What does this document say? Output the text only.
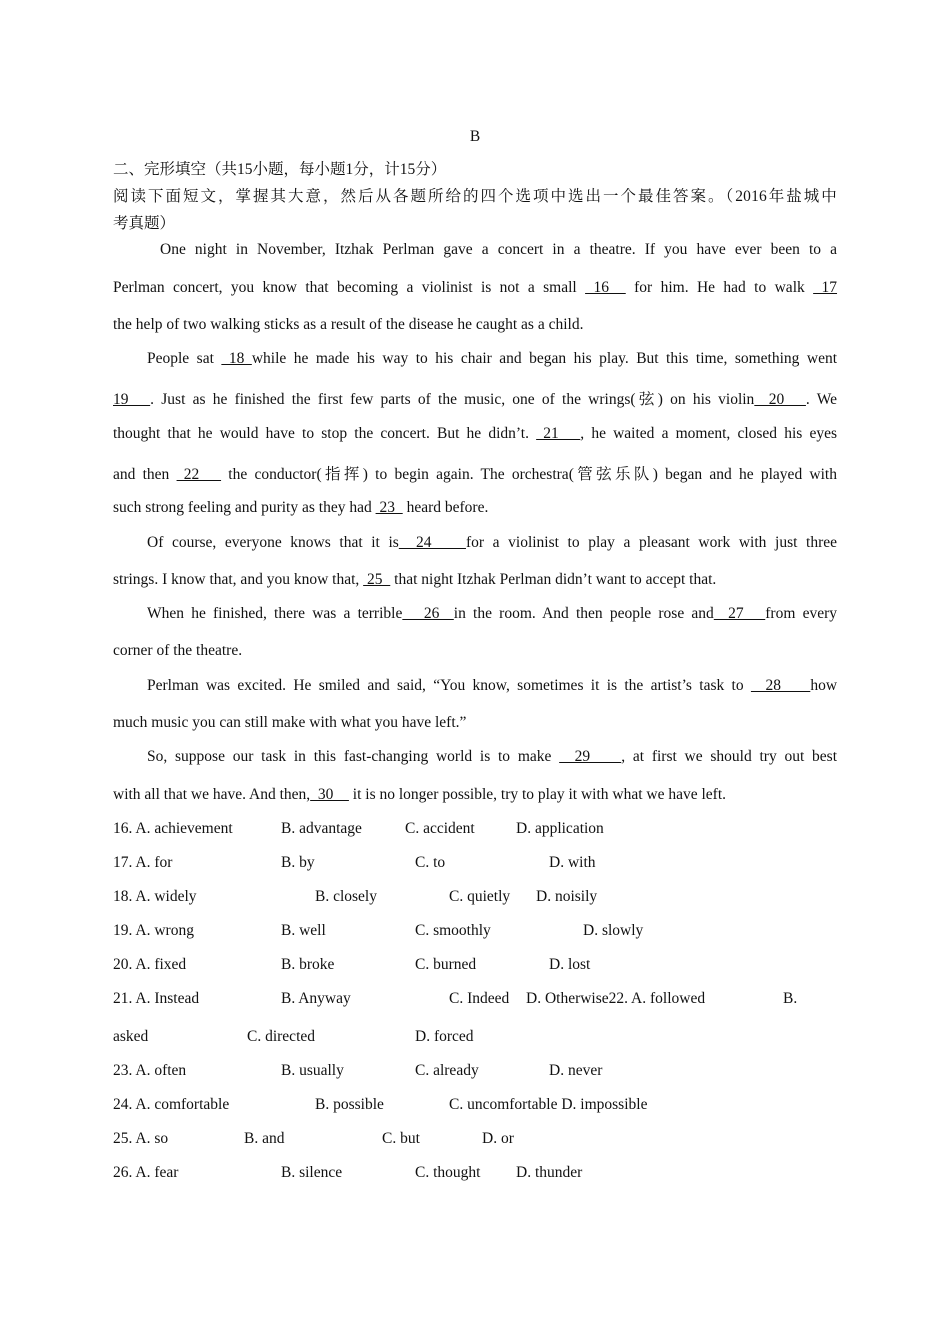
B
二、完形填空（共15小题，每小题1分，计15分）
阅读下面短文，掌握其大意，然后从各题所给的四个选项中选出一个最佳答案。（2016年盐城中
考真题）
One night in November, Itzhak Perlman gave a concert in a theatre. If you have ever been to a
Perlman concert, you know that becoming a violinist is not a small  16   for him. He had to walk  17
the help of two walking sticks as a result of the disease he caught as a child.
People sat  18 while he made his way to his chair and began his play. But this time, something went
19   . Just as he finished the first few parts of the music, one of the wrings(弦) on his violin  20   . We
thought that he would have to stop the concert. But he didn’t.  21   , he waited a moment, closed his eyes
and then  22    the conductor(指挥) to begin again. The orchestra(管弦乐队) began and he played with
such strong feeling and purity as they had  23   heard before.
Of course, everyone knows that it is  24    for a violinist to play a pleasant work with just three
strings. I know that, and you know that,  25   that night Itzhak Perlman didn’t want to accept that.
When he finished, there was a terrible   26  in the room. And then people rose and  27   from every
corner of the theatre.
Perlman was excited. He smiled and said, “You know, sometimes it is the artist’s task to   28    how
much music you can still make with what you have left.”
So, suppose our task in this fast-changing world is to make   29    , at first we should try out best
with all that we have. And then,  30     it is no longer possible, try to play it with what we have left.
16. A. achievement	B. advantage	C. accident	D. application
17. A. for	B. by	C. to	D. with
18. A. widely	B. closely	C. quietly D. noisily
19. A. wrong	B. well	C. smoothly	D. slowly
20. A. fixed	B. broke	C. burned	D. lost
21. A. Instead	B. Anyway	C. Indeed D. Otherwise22. A. followed	B.
asked	C. directed	D. forced
23. A. often	B. usually	C. already	D. never
24. A. comfortable	B. possible	C. uncomfortable D. impossible
25. A. so	B. and	C. but	D. or
26. A. fear	B. silence	C. thought D. thunder
